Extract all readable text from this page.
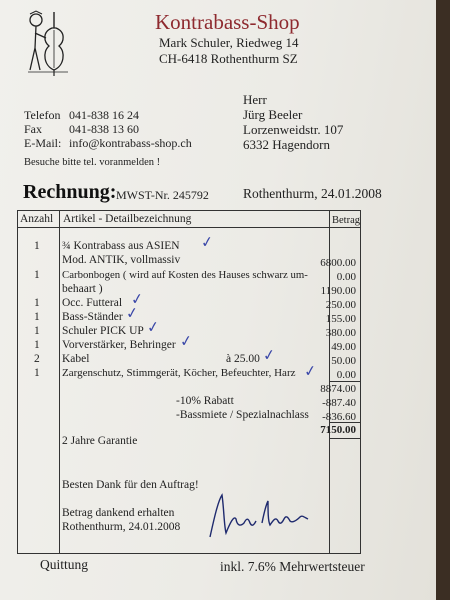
Kontrabass-Shop
Mark Schuler, Riedweg 14
CH-6418 Rothenthurm SZ
Telefon 041-838 16 24
Fax 041-838 13 60
E-Mail: info@kontrabass-shop.ch
Besuche bitte tel. voranmelden !
Herr
Jürg Beeler
Lorzenweidstr. 107
6332 Hagendorn
Rechnung: MWST-Nr. 245792	Rothenthurm, 24.01.2008
Anzahl Artikel - Detailbezeichnung	Betrag
1 ¾ Kontrabass aus ASIEN ✓
Mod. ANTIK, vollmassiv	6800.00
1 Carbonbogen ( wird auf Kosten des Hauses schwarz um-	0.00
behaart )	1190.00
1 Occ. Futteral ✓	250.00
1 Bass-Ständer ✓	155.00
1 Schuler PICK UP ✓	380.00
1 Vorverstärker, Behringer ✓	49.00
2 Kabel	à 25.00 ✓	50.00
1 Zargenschutz, Stimmgerät, Köcher, Befeuchter, Harz ✓ 0.00
8874.00
-10% Rabatt	-887.40
-Bassmiete / Spezialnachlass -836.60
7150.00
2 Jahre Garantie
Besten Dank für den Auftrag!
Betrag dankend erhalten
Rothenthurm, 24.01.2008
Quittung	inkl. 7.6% Mehrwertsteuer
